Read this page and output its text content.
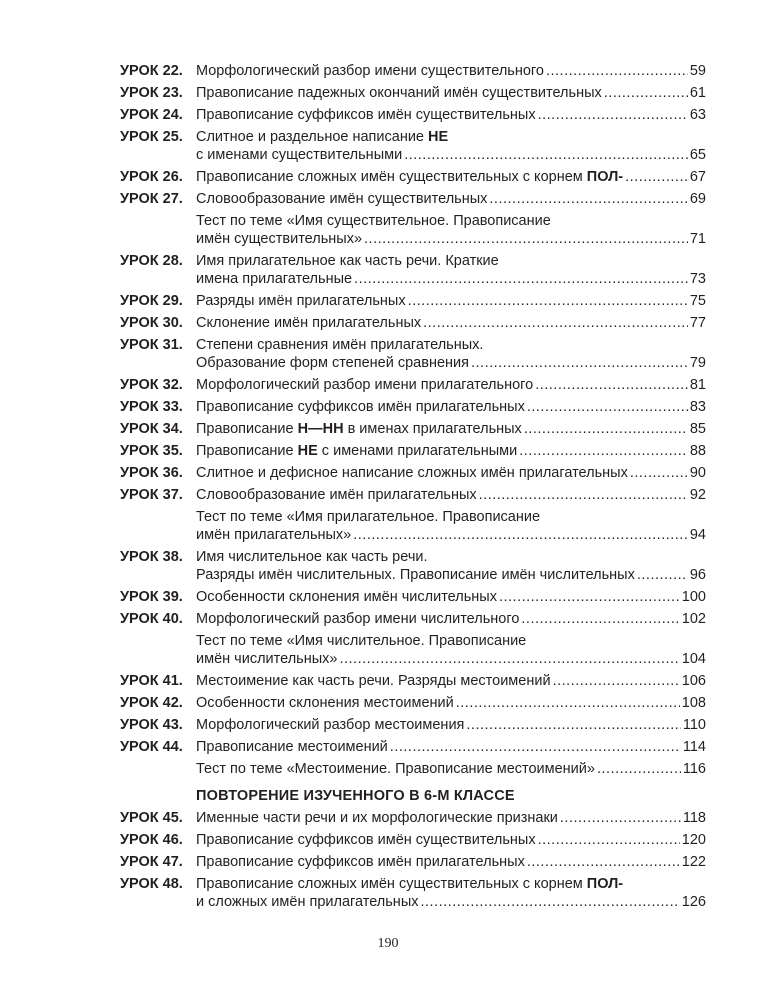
УРОК 22. Морфологический разбор имени существительного .....	59
УРОК 23. Правописание падежных окончаний имён существительных .....	61
УРОК 24. Правописание суффиксов имён существительных .....	63
УРОК 25. Слитное и раздельное написание НЕ
с именами существительными .....	65
УРОК 26. Правописание сложных имён существительных с корнем ПОЛ- .....	67
УРОК 27. Словообразование имён существительных .....	69
Тест по теме «Имя существительное. Правописание
имён существительных» .....	71
УРОК 28. Имя прилагательное как часть речи. Краткие
имена прилагательные .....	73
УРОК 29. Разряды имён прилагательных .....	75
УРОК 30. Склонение имён прилагательных .....	77
УРОК 31. Степени сравнения имён прилагательных.
Образование форм степеней сравнения .....	79
УРОК 32. Морфологический разбор имени прилагательного .....	81
УРОК 33. Правописание суффиксов имён прилагательных .....	83
УРОК 34. Правописание Н—НН в именах прилагательных .....	85
УРОК 35. Правописание НЕ с именами прилагательными .....	88
УРОК 36. Слитное и дефисное написание сложных имён прилагательных .....	90
УРОК 37. Словообразование имён прилагательных .....	92
Тест по теме «Имя прилагательное. Правописание
имён прилагательных» .....	94
УРОК 38. Имя числительное как часть речи.
Разряды имён числительных. Правописание имён числительных .....	96
УРОК 39. Особенности склонения имён числительных .....	100
УРОК 40. Морфологический разбор имени числительного .....	102
Тест по теме «Имя числительное. Правописание
имён числительных» .....	104
УРОК 41. Местоимение как часть речи. Разряды местоимений .....	106
УРОК 42. Особенности склонения местоимений .....	108
УРОК 43. Морфологический разбор местоимения .....	110
УРОК 44. Правописание местоимений .....	114
Тест по теме «Местоимение. Правописание местоимений» .....	116
ПОВТОРЕНИЕ ИЗУЧЕННОГО В 6-М КЛАССЕ
УРОК 45. Именные части речи и их морфологические признаки .....	118
УРОК 46. Правописание суффиксов имён существительных .....	120
УРОК 47. Правописание суффиксов имён прилагательных .....	122
УРОК 48. Правописание сложных имён существительных с корнем ПОЛ-
и сложных имён прилагательных .....	126
190
